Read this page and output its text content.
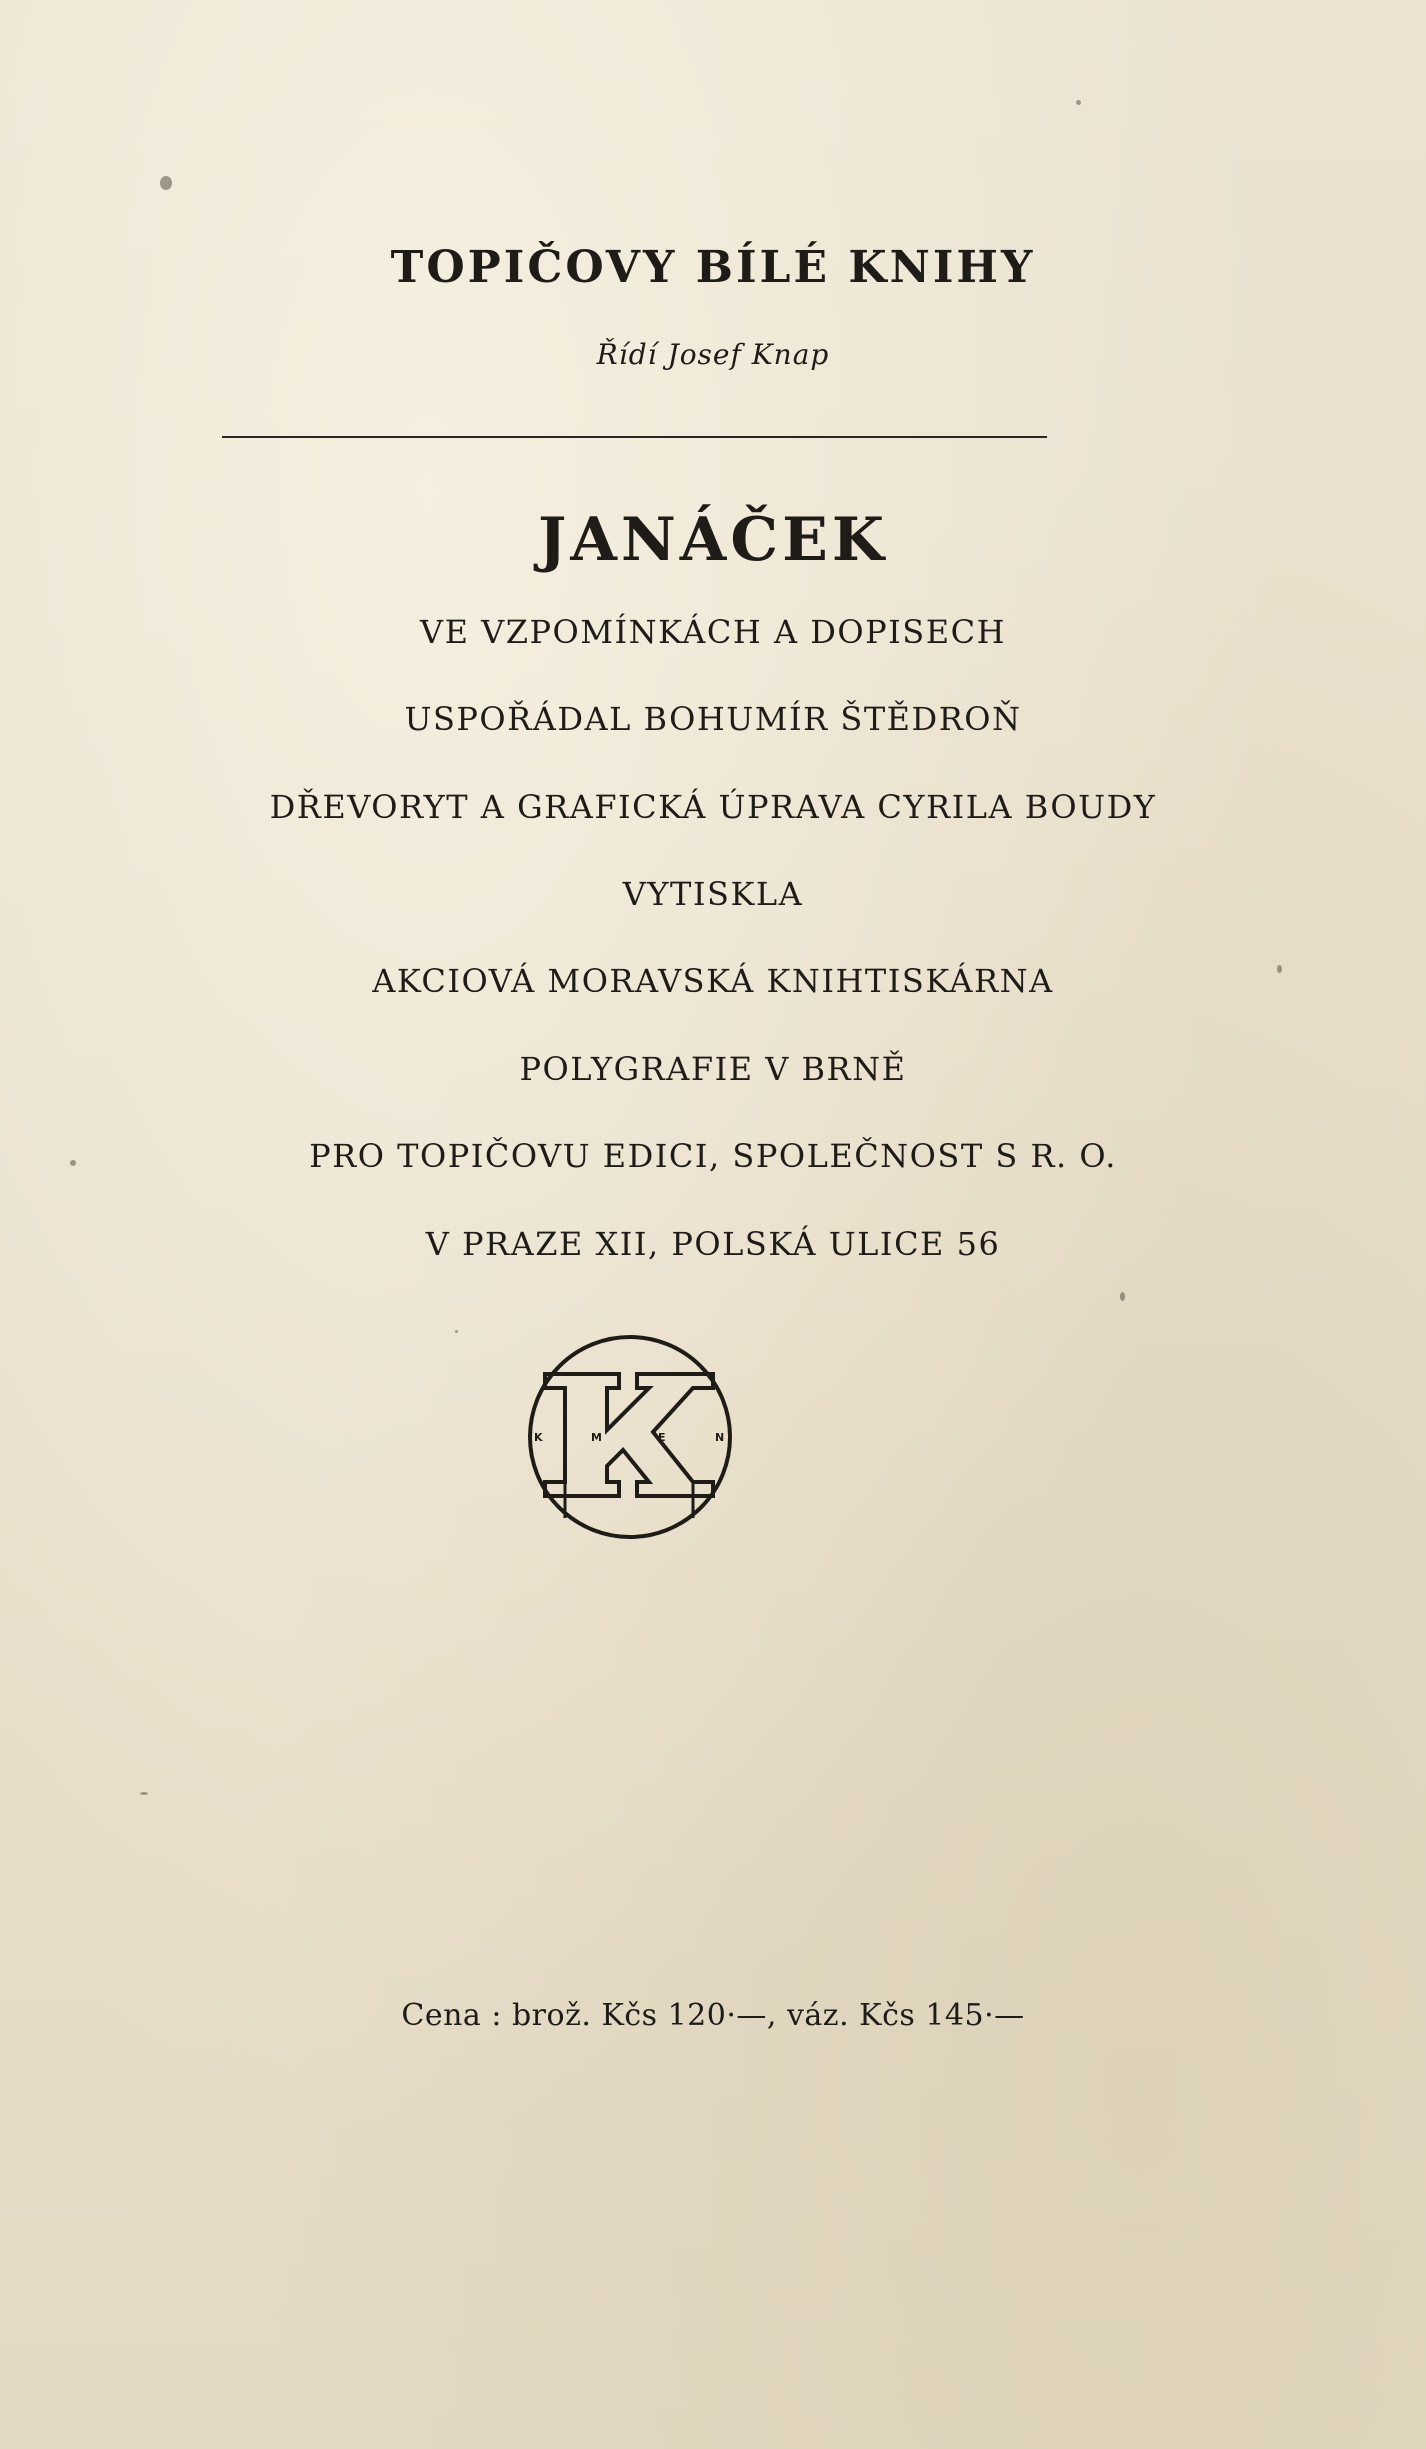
TOPIČOVY BÍLÉ KNIHY
Řídí Josef Knap
JANÁČEK
VE VZPOMÍNKÁCH A DOPISECH
USPOŘÁDAL BOHUMÍR ŠTĚDROŇ
DŘEVORYT A GRAFICKÁ ÚPRAVA CYRILA BOUDY
VYTISKLA
AKCIOVÁ MORAVSKÁ KNIHTISKÁRNA
POLYGRAFIE V BRNĚ
PRO TOPIČOVU EDICI, SPOLEČNOST S R. O.
V PRAZE XII, POLSKÁ ULICE 56
K	M	E	N
Cena : brož. Kčs 120·—, váz. Kčs 145·—
